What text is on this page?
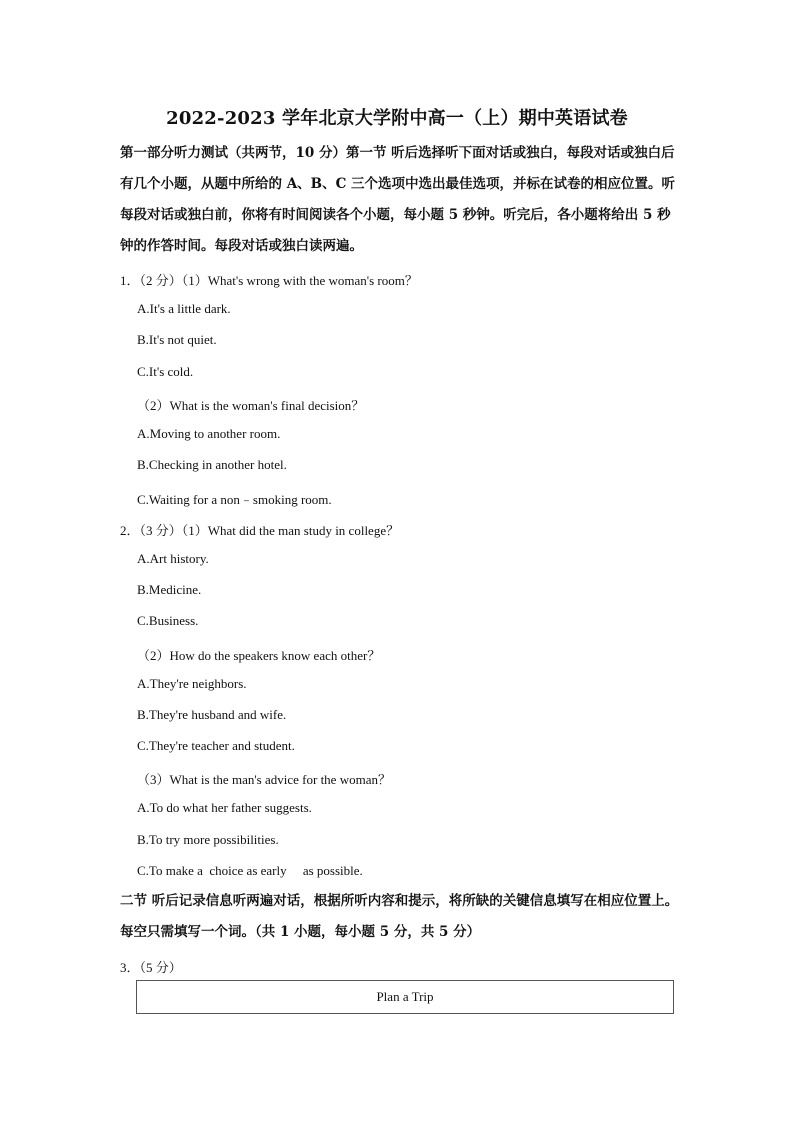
2022-2023 学年北京大学附中高一（上）期中英语试卷
第一部分听力测试（共两节，10 分）第一节 听后选择听下面对话或独白，每段对话或独白后有几个小题，从题中所给的 A、B、C 三个选项中选出最佳选项，并标在试卷的相应位置。听每段对话或独白前，你将有时间阅读各个小题，每小题 5 秒钟。听完后，各小题将给出 5 秒钟的作答时间。每段对话或独白读两遍。
1．（2 分）（1）What's wrong with the woman's room？
A.It's a little dark.
B.It's not quiet.
C.It's cold.
（2）What is the woman's final decision？
A.Moving to another room.
B.Checking in another hotel.
C.Waiting for a non﹣smoking room.
2．（3 分）（1）What did the man study in college？
A.Art history.
B.Medicine.
C.Business.
（2）How do the speakers know each other？
A.They're neighbors.
B.They're husband and wife.
C.They're teacher and student.
（3）What is the man's advice for the woman？
A.To do what her father suggests.
B.To try more possibilities.
C.To make a  choice as early     as possible.
二节 听后记录信息听两遍对话，根据所听内容和提示，将所缺的关键信息填写在相应位置上。每空只需填写一个词。（共 1 小题，每小题 5 分，共 5 分）
3．（5 分）
Plan a Trip
